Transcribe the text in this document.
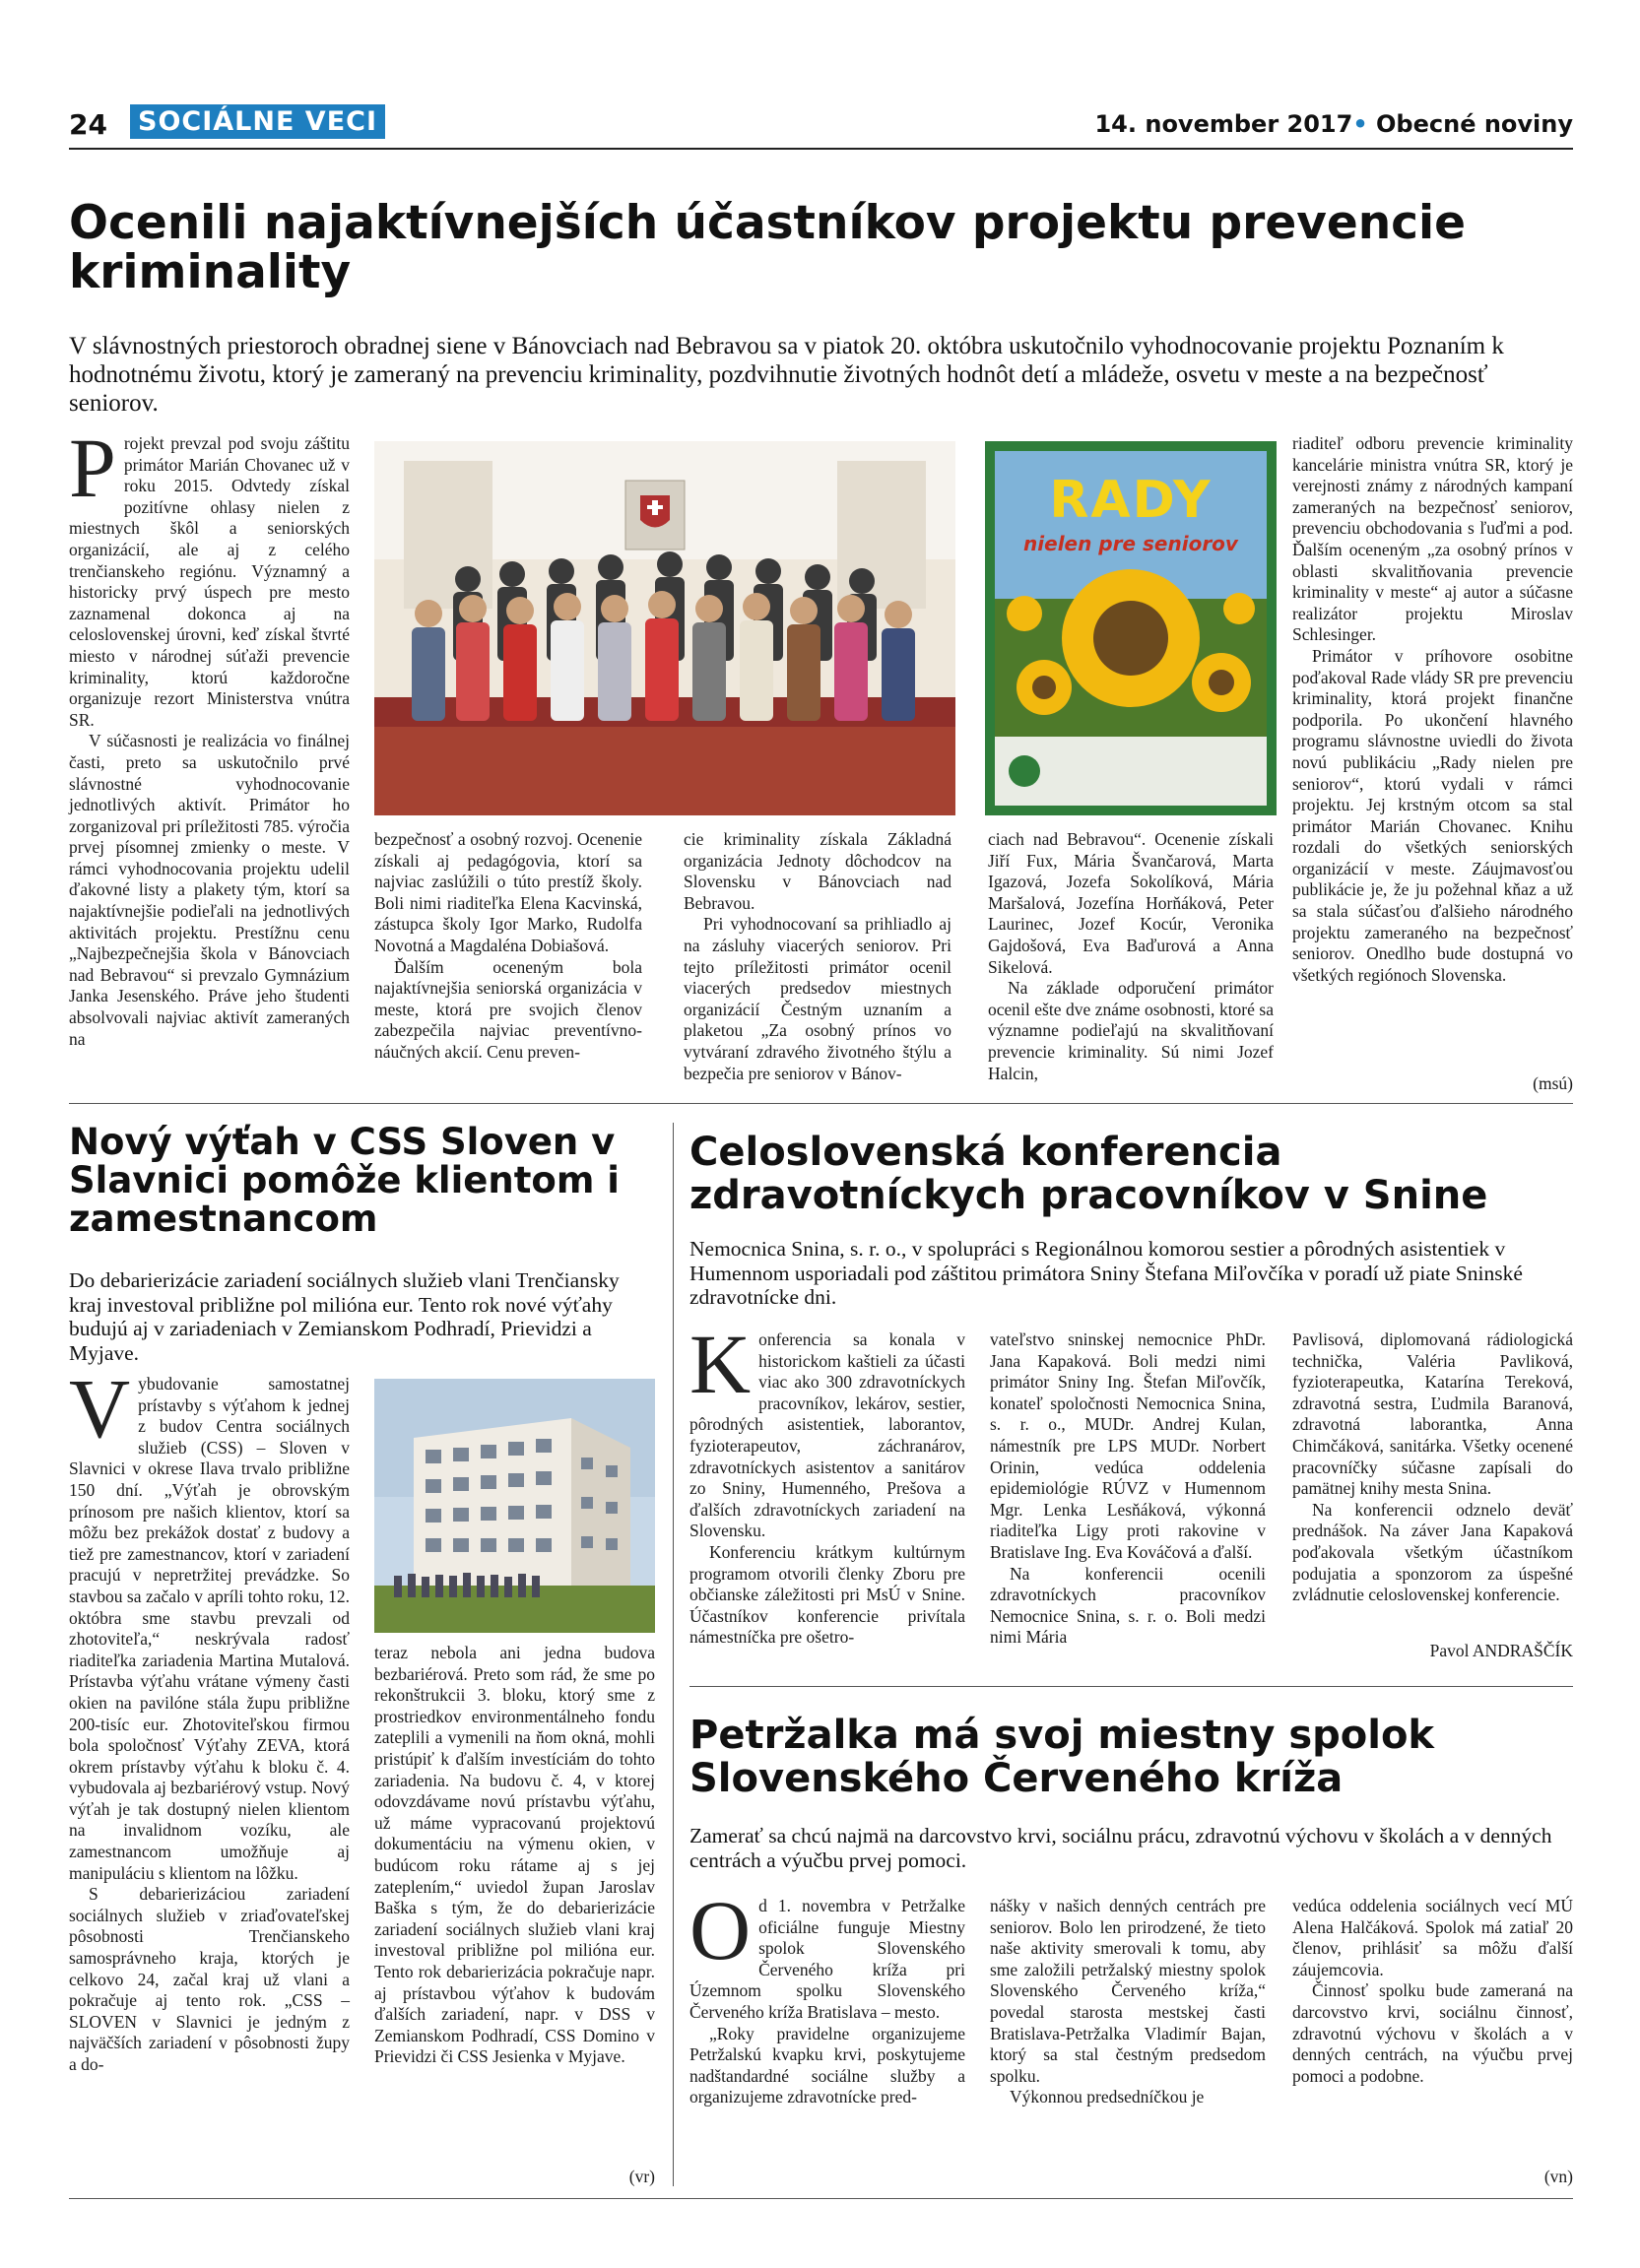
24 SOCIÁLNE VECI	14. november 2017• Obecné noviny
Ocenili najaktívnejších účastníkov projektu prevencie kriminality

V slávnostných priestoroch obradnej siene v Bánovciach nad Bebravou sa v piatok 20. októbra uskutočnilo vyhodnocovanie projektu Poznaním k hodnotnému životu, ktorý je zameraný na prevenciu kriminality, pozdvihnutie životných hodnôt detí a mládeže, osvetu v meste a na bezpečnosť seniorov.

P rojekt prevzal pod svoju záštitu primátor Marián Chovanec už v roku 2015. Odvtedy získal pozitívne ohlasy nielen z miestnych škôl a seniorských organizácií, ale aj z celého trenčianskeho regiónu. Významný a historicky prvý úspech pre mesto zaznamenal dokonca aj na celoslovenskej úrovni, keď získal štvrté miesto v národnej súťaži prevencie kriminality, ktorú každoročne organizuje rezort Ministerstva vnútra SR.

V súčasnosti je realizácia vo finálnej časti, preto sa uskutočnilo prvé slávnostné vyhodnocovanie jednotlivých aktivít. Primátor ho zorganizoval pri príležitosti 785. výročia prvej písomnej zmienky o meste. V rámci vyhodnocovania projektu udelil ďakovné listy a plakety tým, ktorí sa najaktívnejšie podieľali na jednotlivých aktivitách projektu. Prestížnu cenu „Najbezpečnejšia škola v Bánovciach nad Bebravou“ si prevzalo Gymnázium Janka Jesenského. Práve jeho študenti absolvovali najviac aktivít zameraných na

RADY
nielen pre seniorov

riaditeľ odboru prevencie kriminality kancelárie ministra vnútra SR, ktorý je verejnosti známy z národných kampaní zameraných na bezpečnosť seniorov, prevenciu obchodovania s ľuďmi a pod. Ďalším oceneným „za osobný prínos v oblasti skvalitňovania prevencie kriminality v meste“ aj autor a súčasne realizátor projektu Miroslav Schlesinger.

Primátor v príhovore osobitne poďakoval Rade vlády SR pre prevenciu kriminality, ktorá projekt finančne podporila. Po ukončení hlavného programu slávnostne uviedli do života novú publikáciu „Rady nielen pre seniorov“, ktorú vydali v rámci projektu. Jej krstným otcom sa stal primátor Marián Chovanec. Knihu rozdali do všetkých seniorských organizácií v meste. Záujmavosťou publikácie je, že ju požehnal kňaz a už sa stala súčasťou ďalšieho národného projektu zameraného na bezpečnosť seniorov. Onedlho bude dostupná vo všetkých regiónoch Slovenska.

bezpečnosť a osobný rozvoj. Ocenenie získali aj pedagógovia, ktorí sa najviac zaslúžili o túto prestíž školy. Boli nimi riaditeľka Elena Kacvinská, zástupca školy Igor Marko, Rudolfa Novotná a Magdaléna Dobiašová.

Ďalším oceneným bola najaktívnejšia seniorská organizácia v meste, ktorá pre svojich členov zabezpečila najviac preventívno-náučných akcií. Cenu preven-

cie kriminality získala Základná organizácia Jednoty dôchodcov na Slovensku v Bánovciach nad Bebravou.

Pri vyhodnocovaní sa prihliadlo aj na zásluhy viacerých seniorov. Pri tejto príležitosti primátor ocenil viacerých predsedov miestnych organizácií Čestným uznaním a plaketou „Za osobný prínos vo vytváraní zdravého životného štýlu a bezpečia pre seniorov v Bánov-

ciach nad Bebravou“. Ocenenie získali Jiří Fux, Mária Švančarová, Marta Igazová, Jozefa Sokolíková, Mária Maršalová, Jozefína Horňáková, Peter Laurinec, Jozef Kocúr, Veronika Gajdošová, Eva Baďurová a Anna Sikelová.

Na základe odporučení primátor ocenil ešte dve známe osobnosti, ktoré sa významne podieľajú na skvalitňovaní prevencie kriminality. Sú nimi Jozef Halcin,

(msú)
Nový výťah v CSS Sloven v Slavnici pomôže klientom i zamestnancom

Do debarierizácie zariadení sociálnych služieb vlani Trenčiansky kraj investoval približne pol milióna eur. Tento rok nové výťahy budujú aj v zariadeniach v Zemianskom Podhradí, Prievidzi a Myjave.

V ybudovanie samostatnej prístavby s výťahom k jednej z budov Centra sociálnych služieb (CSS) – Sloven v Slavnici v okrese Ilava trvalo približne 150 dní. „Výťah je obrovským prínosom pre našich klientov, ktorí sa môžu bez prekážok dostať z budovy a tiež pre zamestnancov, ktorí v zariadení pracujú v nepretržitej prevádzke. So stavbou sa začalo v apríli tohto roku, 12. októbra sme stavbu prevzali od zhotoviteľa,“ neskrývala radosť riaditeľka zariadenia Martina Mutalová. Prístavba výťahu vrátane výmeny časti okien na pavilóne stála župu približne 200-tisíc eur. Zhotoviteľskou firmou bola spoločnosť Výťahy ZEVA, ktorá okrem prístavby výťahu k bloku č. 4. vybudovala aj bezbariérový vstup. Nový výťah je tak dostupný nielen klientom na invalidnom vozíku, ale zamestnancom umožňuje aj manipuláciu s klientom na lôžku.

S debarierizáciou zariadení sociálnych služieb v zriaďovateľskej pôsobnosti Trenčianskeho samosprávneho kraja, ktorých je celkovo 24, začal kraj už vlani a pokračuje aj tento rok. „CSS – SLOVEN v Slavnici je jedným z najväčších zariadení v pôsobnosti župy a do-

teraz nebola ani jedna budova bezbariérová. Preto som rád, že sme po rekonštrukcii 3. bloku, ktorý sme z prostriedkov environmentálneho fondu zateplili a vymenili na ňom okná, mohli pristúpiť k ďalším investíciám do tohto zariadenia. Na budovu č. 4, v ktorej odovzdávame novú prístavbu výťahu, už máme vypracovanú projektovú dokumentáciu na výmenu okien, v budúcom roku rátame aj s jej zateplením,“ uviedol župan Jaroslav Baška s tým, že do debarierizácie zariadení sociálnych služieb vlani kraj investoval približne pol milióna eur. Tento rok debarierizácia pokračuje napr. aj prístavbou výťahov k budovám ďalších zariadení, napr. v DSS v Zemianskom Podhradí, CSS Domino v Prievidzi či CSS Jesienka v Myjave.

(vr)
Celoslovenská konferencia zdravotníckych pracovníkov v Snine

Nemocnica Snina, s. r. o., v spolupráci s Regionálnou komorou sestier a pôrodných asistentiek v Humennom usporiadali pod záštitou primátora Sniny Štefana Miľovčíka v poradí už piate Sninské zdravotnícke dni.

K onferencia sa konala v historickom kaštieli za účasti viac ako 300 zdravotníckych pracovníkov, lekárov, sestier, pôrodných asistentiek, laborantov, fyzioterapeutov, záchranárov, zdravotníckych asistentov a sanitárov zo Sniny, Humenného, Prešova a ďalších zdravotníckych zariadení na Slovensku.

Konferenciu krátkym kultúrnym programom otvorili členky Zboru pre občianske záležitosti pri MsÚ v Snine. Účastníkov konferencie privítala námestníčka pre ošetro-

vateľstvo sninskej nemocnice PhDr. Jana Kapaková. Boli medzi nimi primátor Sniny Ing. Štefan Miľovčík, konateľ spoločnosti Nemocnica Snina, s. r. o., MUDr. Andrej Kulan, námestník pre LPS MUDr. Norbert Orinin, vedúca oddelenia epidemiológie RÚVZ v Humennom Mgr. Lenka Lesňáková, výkonná riaditeľka Ligy proti rakovine v Bratislave Ing. Eva Kováčová a ďalší.

Na konferencii ocenili zdravotníckych pracovníkov Nemocnice Snina, s. r. o. Boli medzi nimi Mária

Pavlisová, diplomovaná rádiologická technička, Valéria Pavliková, fyzioterapeutka, Katarína Tereková, zdravotná sestra, Ľudmila Baranová, zdravotná laborantka, Anna Chimčáková, sanitárka. Všetky ocenené pracovníčky súčasne zapísali do pamätnej knihy mesta Snina.

Na konferencii odznelo deväť prednášok. Na záver Jana Kapaková poďakovala všetkým účastníkom podujatia a sponzorom za úspešné zvládnutie celoslovenskej konferencie.

Pavol ANDRAŠČÍK
Petržalka má svoj miestny spolok Slovenského Červeného kríža

Zamerať sa chcú najmä na darcovstvo krvi, sociálnu prácu, zdravotnú výchovu v školách a v denných centrách a výučbu prvej pomoci.

O d 1. novembra v Petržalke oficiálne funguje Miestny spolok Slovenského Červeného kríža pri Územnom spolku Slovenského Červeného kríža Bratislava – mesto.

„Roky pravidelne organizujeme Petržalskú kvapku krvi, poskytujeme nadštandardné sociálne služby a organizujeme zdravotnícke pred-

nášky v našich denných centrách pre seniorov. Bolo len prirodzené, že tieto naše aktivity smerovali k tomu, aby sme založili petržalský miestny spolok Slovenského Červeného kríža,“ povedal starosta mestskej časti Bratislava-Petržalka Vladimír Bajan, ktorý sa stal čestným predsedom spolku.

Výkonnou predsedníčkou je

vedúca oddelenia sociálnych vecí MÚ Alena Halčáková. Spolok má zatiaľ 20 členov, prihlásiť sa môžu ďalší záujemcovia.

Činnosť spolku bude zameraná na darcovstvo krvi, sociálnu činnosť, zdravotnú výchovu v školách a v denných centrách, na výučbu prvej pomoci a podobne.

(vn)
